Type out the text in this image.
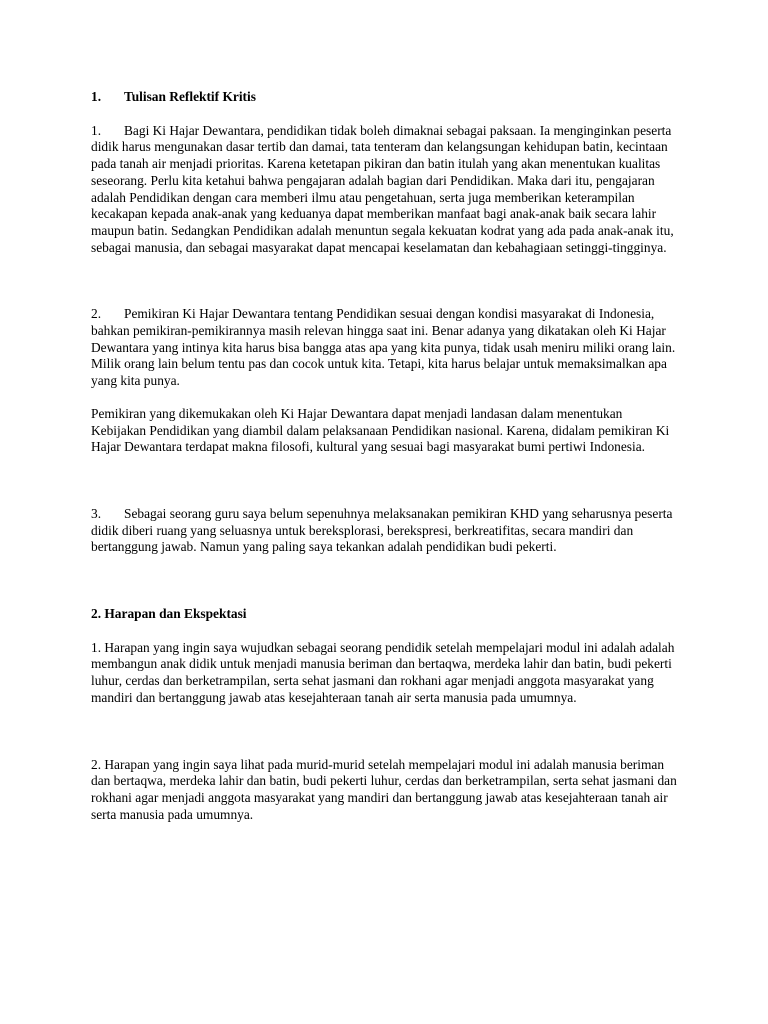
1. Tulisan Reflektif Kritis

1. Bagi Ki Hajar Dewantara, pendidikan tidak boleh dimaknai sebagai paksaan. Ia menginginkan peserta didik harus mengunakan dasar tertib dan damai, tata tenteram dan kelangsungan kehidupan batin, kecintaan pada tanah air menjadi prioritas. Karena ketetapan pikiran dan batin itulah yang akan menentukan kualitas seseorang. Perlu kita ketahui bahwa pengajaran adalah bagian dari Pendidikan. Maka dari itu, pengajaran adalah Pendidikan dengan cara memberi ilmu atau pengetahuan, serta juga memberikan keterampilan kecakapan kepada anak-anak yang keduanya dapat memberikan manfaat bagi anak-anak baik secara lahir maupun batin. Sedangkan Pendidikan adalah menuntun segala kekuatan kodrat yang ada pada anak-anak itu, sebagai manusia, dan sebagai masyarakat dapat mencapai keselamatan dan kebahagiaan setinggi-tingginya.

2. Pemikiran Ki Hajar Dewantara tentang Pendidikan sesuai dengan kondisi masyarakat di Indonesia, bahkan pemikiran-pemikirannya masih relevan hingga saat ini. Benar adanya yang dikatakan oleh Ki Hajar Dewantara yang intinya kita harus bisa bangga atas apa yang kita punya, tidak usah meniru miliki orang lain. Milik orang lain belum tentu pas dan cocok untuk kita. Tetapi, kita harus belajar untuk memaksimalkan apa yang kita punya.

Pemikiran yang dikemukakan oleh Ki Hajar Dewantara dapat menjadi landasan dalam menentukan Kebijakan Pendidikan yang diambil dalam pelaksanaan Pendidikan nasional. Karena, didalam pemikiran Ki Hajar Dewantara terdapat makna filosofi, kultural yang sesuai bagi masyarakat bumi pertiwi Indonesia.

3. Sebagai seorang guru saya belum sepenuhnya melaksanakan pemikiran KHD yang seharusnya peserta didik diberi ruang yang seluasnya untuk bereksplorasi, berekspresi, berkreatifitas, secara mandiri dan bertanggung jawab. Namun yang paling saya tekankan adalah pendidikan budi pekerti.

2. Harapan dan Ekspektasi

1. Harapan yang ingin saya wujudkan sebagai seorang pendidik setelah mempelajari modul ini adalah adalah membangun anak didik untuk menjadi manusia beriman dan bertaqwa, merdeka lahir dan batin, budi pekerti luhur, cerdas dan berketrampilan, serta sehat jasmani dan rokhani agar menjadi anggota masyarakat yang mandiri dan bertanggung jawab atas kesejahteraan tanah air serta manusia pada umumnya.

2. Harapan yang ingin saya lihat pada murid-murid setelah mempelajari modul ini adalah manusia beriman dan bertaqwa, merdeka lahir dan batin, budi pekerti luhur, cerdas dan berketrampilan, serta sehat jasmani dan rokhani agar menjadi anggota masyarakat yang mandiri dan bertanggung jawab atas kesejahteraan tanah air serta manusia pada umumnya.
